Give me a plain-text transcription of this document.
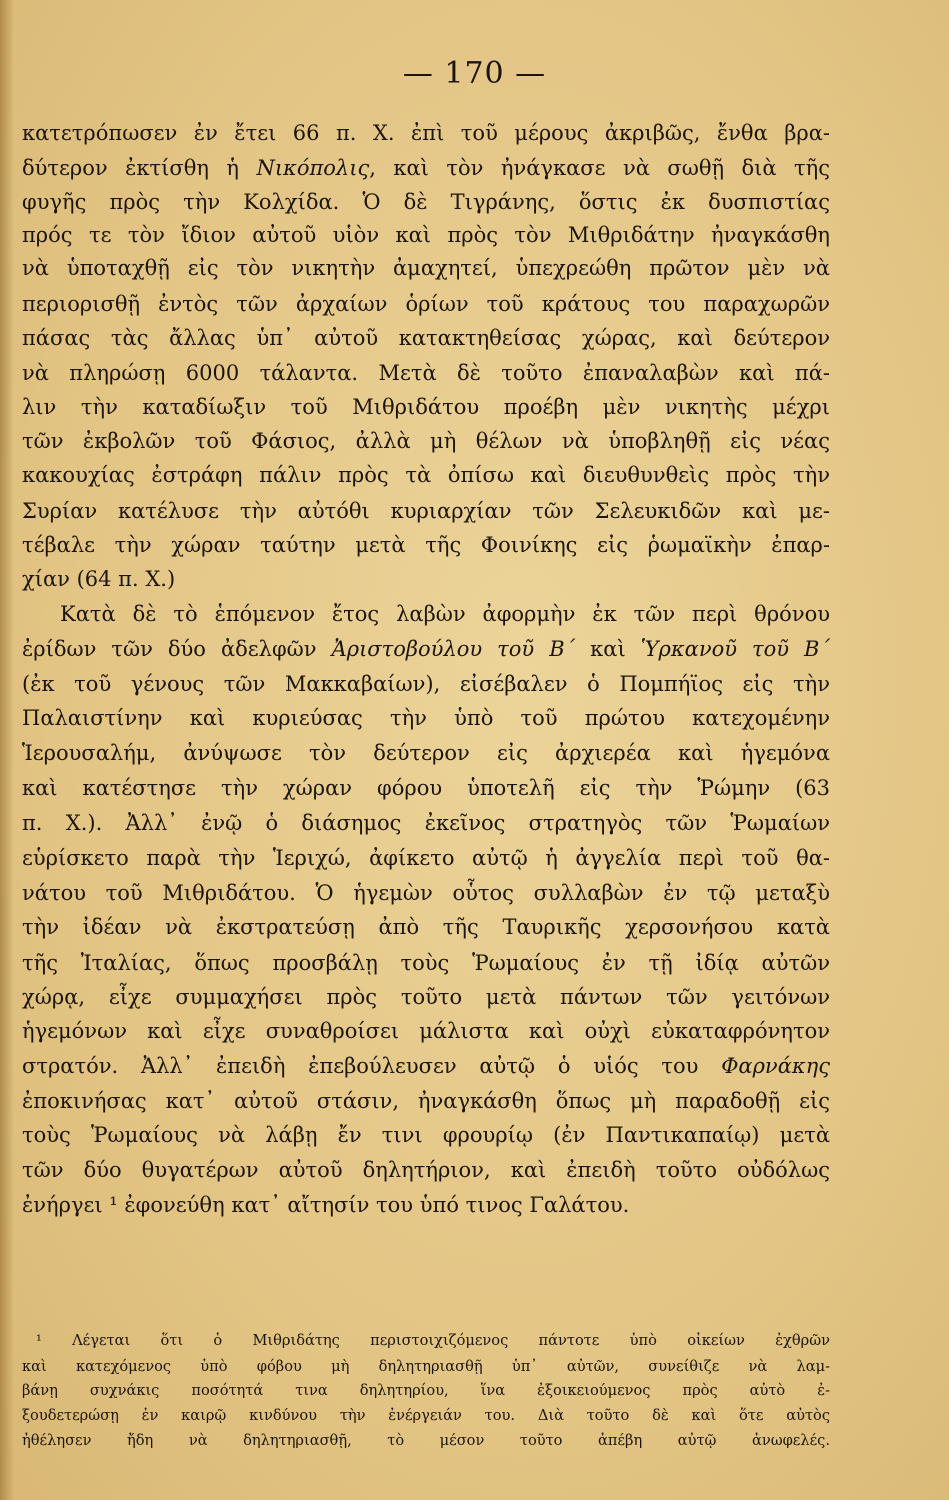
— 170 —
κατετρόπωσεν ἐν ἔτει 66 π. Χ. ἐπὶ τοῦ μέρους ἀκριβῶς, ἔνθα βρα-
δύτερον ἐκτίσθη ἡ Νικόπολις, καὶ τὸν ἠνάγκασε νὰ σωθῇ διὰ τῆς
φυγῆς πρὸς τὴν Κολχίδα. Ὁ δὲ Τιγράνης, ὅστις ἐκ δυσπιστίας
πρός τε τὸν ἴδιον αὐτοῦ υἱὸν καὶ πρὸς τὸν Μιθριδάτην ἠναγκάσθη
νὰ ὑποταχθῇ εἰς τὸν νικητὴν ἀμαχητεί, ὑπεχρεώθη πρῶτον μὲν νὰ
περιορισθῇ ἐντὸς τῶν ἀρχαίων ὁρίων τοῦ κράτους του παραχωρῶν
πάσας τὰς ἄλλας ὑπ᾽ αὐτοῦ κατακτηθείσας χώρας, καὶ δεύτερον
νὰ πληρώσῃ 6000 τάλαντα. Μετὰ δὲ τοῦτο ἐπαναλαβὼν καὶ πά-
λιν τὴν καταδίωξιν τοῦ Μιθριδάτου προέβη μὲν νικητὴς μέχρι
τῶν ἐκβολῶν τοῦ Φάσιος, ἀλλὰ μὴ θέλων νὰ ὑποβληθῇ εἰς νέας
κακουχίας ἐστράφη πάλιν πρὸς τὰ ὀπίσω καὶ διευθυνθεὶς πρὸς τὴν
Συρίαν κατέλυσε τὴν αὐτόθι κυριαρχίαν τῶν Σελευκιδῶν καὶ με-
τέβαλε τὴν χώραν ταύτην μετὰ τῆς Φοινίκης εἰς ῥωμαϊκὴν ἐπαρ-
χίαν (64 π. Χ.)
Κατὰ δὲ τὸ ἑπόμενον ἔτος λαβὼν ἀφορμὴν ἐκ τῶν περὶ θρόνου
ἐρίδων τῶν δύο ἀδελφῶν Ἀριστοβούλου τοῦ Β΄ καὶ Ὑρκανοῦ τοῦ Β΄
(ἐκ τοῦ γένους τῶν Μακκαβαίων), εἰσέβαλεν ὁ Πομπήϊος εἰς τὴν
Παλαιστίνην καὶ κυριεύσας τὴν ὑπὸ τοῦ πρώτου κατεχομένην
Ἱερουσαλήμ, ἀνύψωσε τὸν δεύτερον εἰς ἀρχιερέα καὶ ἡγεμόνα
καὶ κατέστησε τὴν χώραν φόρου ὑποτελῆ εἰς τὴν Ῥώμην (63
π. Χ.). Ἀλλ᾽ ἐνῷ ὁ διάσημος ἐκεῖνος στρατηγὸς τῶν Ῥωμαίων
εὑρίσκετο παρὰ τὴν Ἱεριχώ, ἀφίκετο αὐτῷ ἡ ἀγγελία περὶ τοῦ θα-
νάτου τοῦ Μιθριδάτου. Ὁ ἡγεμὼν οὗτος συλλαβὼν ἐν τῷ μεταξὺ
τὴν ἰδέαν νὰ ἐκστρατεύσῃ ἀπὸ τῆς Ταυρικῆς χερσονήσου κατὰ
τῆς Ἰταλίας, ὅπως προσβάλῃ τοὺς Ῥωμαίους ἐν τῇ ἰδίᾳ αὐτῶν
χώρᾳ, εἶχε συμμαχήσει πρὸς τοῦτο μετὰ πάντων τῶν γειτόνων
ἡγεμόνων καὶ εἶχε συναθροίσει μάλιστα καὶ οὐχὶ εὐκαταφρόνητον
στρατόν. Ἀλλ᾽ ἐπειδὴ ἐπεβούλευσεν αὐτῷ ὁ υἱός του Φαρνάκης
ἐποκινήσας κατ᾽ αὐτοῦ στάσιν, ἠναγκάσθη ὅπως μὴ παραδοθῇ εἰς
τοὺς Ῥωμαίους νὰ λάβῃ ἔν τινι φρουρίῳ (ἐν Παντικαπαίῳ) μετὰ
τῶν δύο θυγατέρων αὐτοῦ δηλητήριον, καὶ ἐπειδὴ τοῦτο οὐδόλως
ἐνήργει ¹ ἐφονεύθη κατ᾽ αἴτησίν του ὑπό τινος Γαλάτου.
¹ Λέγεται ὅτι ὁ Μιθριδάτης περιστοιχιζόμενος πάντοτε ὑπὸ οἰκείων ἐχθρῶν
καὶ κατεχόμενος ὑπὸ φόβου μὴ δηλητηριασθῇ ὑπ᾽ αὐτῶν, συνείθιζε νὰ λαμ-
βάνῃ συχνάκις ποσότητά τινα δηλητηρίου, ἵνα ἐξοικειούμενος πρὸς αὐτὸ ἐ-
ξουδετερώσῃ ἐν καιρῷ κινδύνου τὴν ἐνέργειάν του. Διὰ τοῦτο δὲ καὶ ὅτε αὐτὸς
ἠθέλησεν ἤδη νὰ δηλητηριασθῇ, τὸ μέσον τοῦτο ἀπέβη αὐτῷ ἀνωφελές.
